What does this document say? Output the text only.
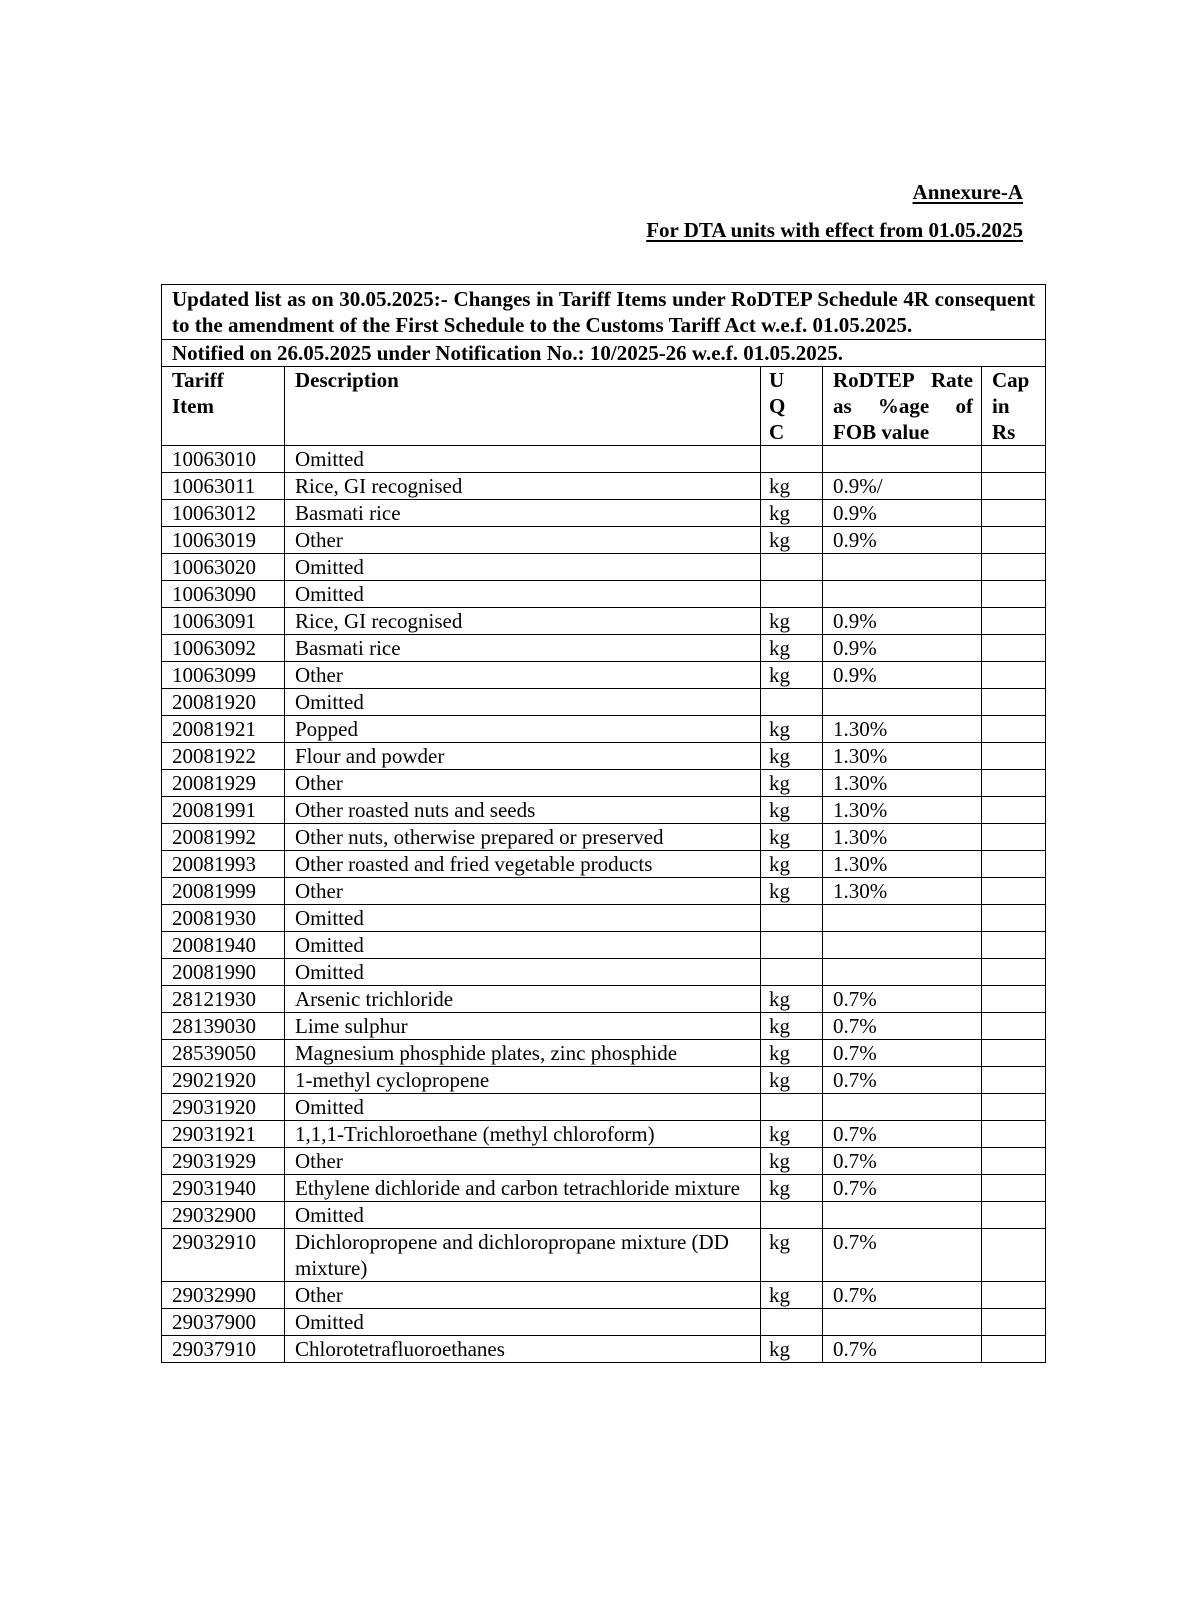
Annexure-A
For DTA units with effect from 01.05.2025
Updated list as on 30.05.2025:- Changes in Tariff Items under RoDTEP Schedule 4R consequent to the amendment of the First Schedule to the Customs Tariff Act w.e.f. 01.05.2025.				
Notified on 26.05.2025 under Notification No.: 10/2025-26 w.e.f. 01.05.2025.				

Tariff Item	Description	UQC	RoDTEP Rate as %age of FOB value	Cap in Rs

10063010	Omitted			
10063011	Rice, GI recognised	kg	0.9%/	
10063012	Basmati rice	kg	0.9%	
10063019	Other	kg	0.9%	
10063020	Omitted			
10063090	Omitted			
10063091	Rice, GI recognised	kg	0.9%	
10063092	Basmati rice	kg	0.9%	
10063099	Other	kg	0.9%	
20081920	Omitted			
20081921	Popped	kg	1.30%	
20081922	Flour and powder	kg	1.30%	
20081929	Other	kg	1.30%	
20081991	Other roasted nuts and seeds	kg	1.30%	
20081992	Other nuts, otherwise prepared or preserved	kg	1.30%	
20081993	Other roasted and fried vegetable products	kg	1.30%	
20081999	Other	kg	1.30%	
20081930	Omitted			
20081940	Omitted			
20081990	Omitted			
28121930	Arsenic trichloride	kg	0.7%	
28139030	Lime sulphur	kg	0.7%	
28539050	Magnesium phosphide plates, zinc phosphide	kg	0.7%	
29021920	1-methyl cyclopropene	kg	0.7%	
29031920	Omitted			
29031921	1,1,1-Trichloroethane (methyl chloroform)	kg	0.7%	
29031929	Other	kg	0.7%	
29031940	Ethylene dichloride and carbon tetrachloride mixture	kg	0.7%	
29032900	Omitted			
29032910	Dichloropropene and dichloropropane mixture (DD mixture)	kg	0.7%	
29032990	Other	kg	0.7%	
29037900	Omitted			
29037910	Chlorotetrafluoroethanes	kg	0.7%	
